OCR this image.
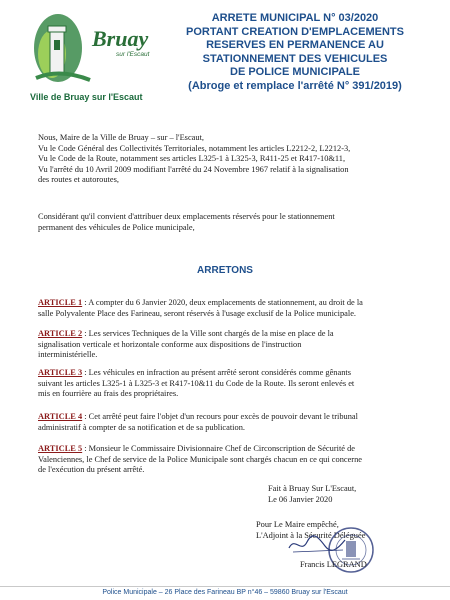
Bruay
sur l'Escaut
Ville de Bruay sur l'Escaut
ARRETE MUNICIPAL N° 03/2020
PORTANT CREATION D'EMPLACEMENTS
RESERVES EN PERMANENCE AU
STATIONNEMENT DES VEHICULES
DE POLICE MUNICIPALE
(Abroge et remplace l'arrêté N° 391/2019)
Nous, Maire de la Ville de Bruay – sur – l'Escaut,
Vu le Code Général des Collectivités Territoriales, notamment les articles L2212-2, L2212-3,
Vu le Code de la Route, notamment ses articles L325-1 à L325-3, R411-25 et R417-10&11,
Vu l'arrêté du 10 Avril 2009 modifiant l'arrêté du 24 Novembre 1967 relatif à la signalisation
des routes et autoroutes,
Considérant qu'il convient d'attribuer deux emplacements réservés pour le stationnement
permanent des véhicules de Police municipale,
ARRETONS
ARTICLE 1 : A compter du 6 Janvier 2020, deux emplacements de stationnement, au droit de la
salle Polyvalente Place des Farineau, seront réservés à l'usage exclusif de la Police municipale.
ARTICLE 2 : Les services Techniques de la Ville sont chargés de la mise en place de la
signalisation verticale et horizontale conforme aux dispositions de l'instruction
interministérielle.
ARTICLE 3 : Les véhicules en infraction au présent arrêté seront considérés comme gênants
suivant les articles L325-1 à L325-3 et R417-10&11 du Code de la Route. Ils seront enlevés et
mis en fourrière au frais des propriétaires.
ARTICLE 4 : Cet arrêté peut faire l'objet d'un recours pour excès de pouvoir devant le tribunal
administratif à compter de sa notification et de sa publication.
ARTICLE 5 : Monsieur le Commissaire Divisionnaire Chef de Circonscription de Sécurité de
Valenciennes, le Chef de service de la Police Municipale sont chargés chacun en ce qui concerne
de l'exécution du présent arrêté.
Fait à Bruay Sur L'Escaut,
Le 06 Janvier 2020
Pour Le Maire empêché,
L'Adjoint à la Sécurité Déléguée
Francis LEGRAND
Police Municipale – 26 Place des Farineau BP n°46 – 59860 Bruay sur l'Escaut
